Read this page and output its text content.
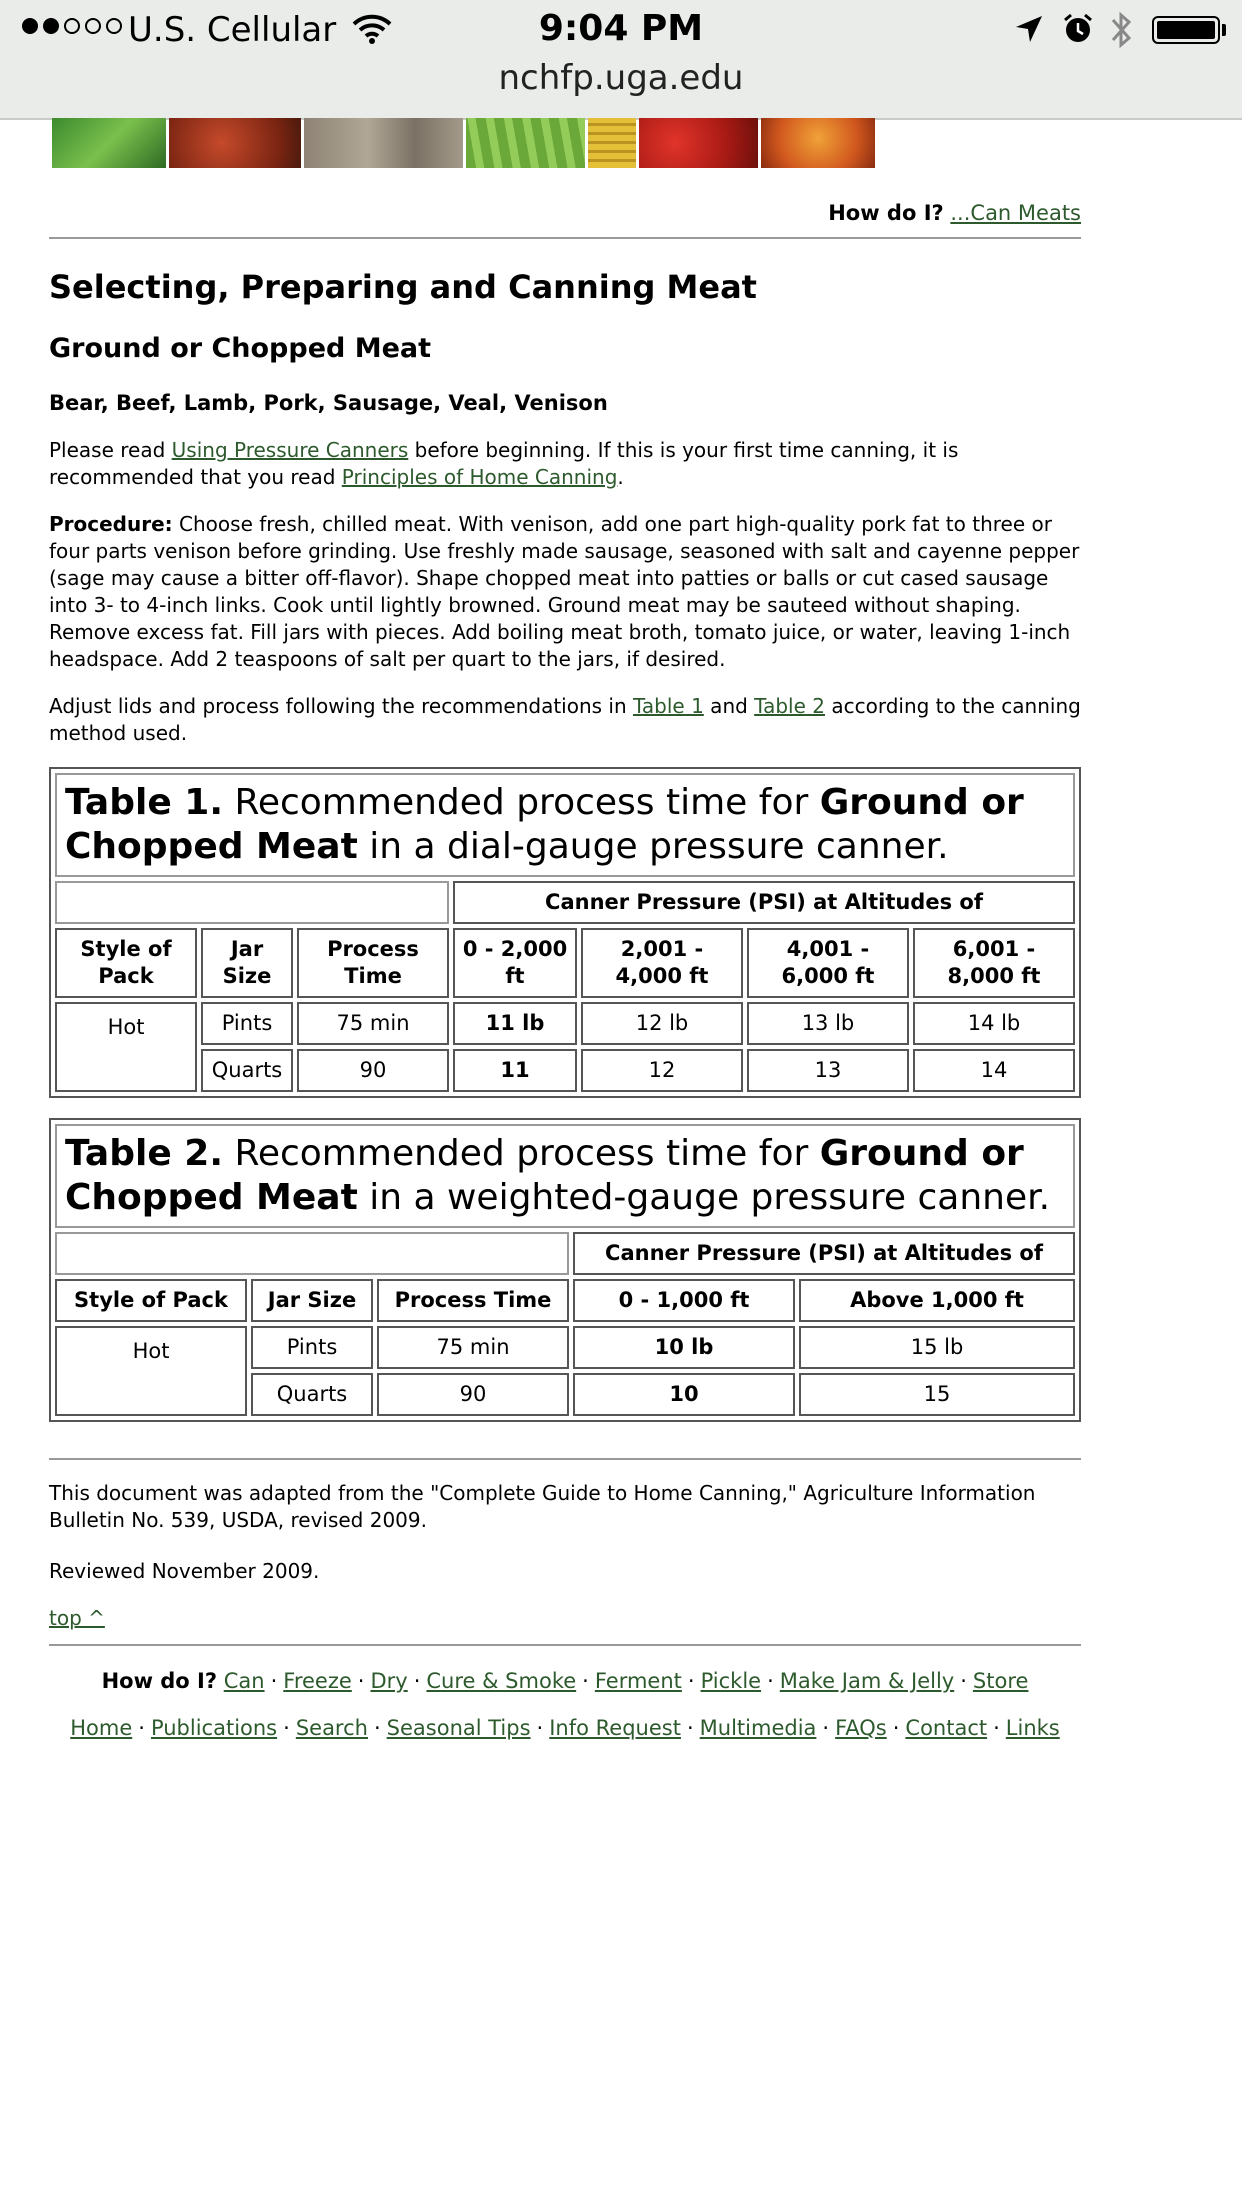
U.S. Cellular	9:04 PM
nchfp.uga.edu
How do I? ...Can Meats
Selecting, Preparing and Canning Meat
Ground or Chopped Meat
Bear, Beef, Lamb, Pork, Sausage, Veal, Venison

Please read Using Pressure Canners before beginning. If this is your first time canning, it is recommended that you read Principles of Home Canning.

Procedure: Choose fresh, chilled meat. With venison, add one part high-quality pork fat to three or four parts venison before grinding. Use freshly made sausage, seasoned with salt and cayenne pepper (sage may cause a bitter off-flavor). Shape chopped meat into patties or balls or cut cased sausage into 3- to 4-inch links. Cook until lightly browned. Ground meat may be sauteed without shaping. Remove excess fat. Fill jars with pieces. Add boiling meat broth, tomato juice, or water, leaving 1-inch headspace. Add 2 teaspoons of salt per quart to the jars, if desired.

Adjust lids and process following the recommendations in Table 1 and Table 2 according to the canning method used.

Table 1. Recommended process time for Ground or Chopped Meat in a dial-gauge pressure canner.						
			Canner Pressure (PSI) at Altitudes of			
Style of Pack	Jar Size	Process Time	0 - 2,000 ft	2,001 - 4,000 ft	4,001 - 6,000 ft	6,001 - 8,000 ft
Hot	Pints	75 min	11 lb	12 lb	13 lb	14 lb
	Quarts	90	11	12	13	14
Table 2. Recommended process time for Ground or Chopped Meat in a weighted-gauge pressure canner.				
			Canner Pressure (PSI) at Altitudes of	
Style of Pack	Jar Size	Process Time	0 - 1,000 ft	Above 1,000 ft
Hot	Pints	75 min	10 lb	15 lb
	Quarts	90	10	15

This document was adapted from the "Complete Guide to Home Canning," Agriculture Information Bulletin No. 539, USDA, revised 2009.

Reviewed November 2009.

top ^

How do I? Can · Freeze · Dry · Cure & Smoke · Ferment · Pickle · Make Jam & Jelly · Store
Home · Publications · Search · Seasonal Tips · Info Request · Multimedia · FAQs · Contact · Links
